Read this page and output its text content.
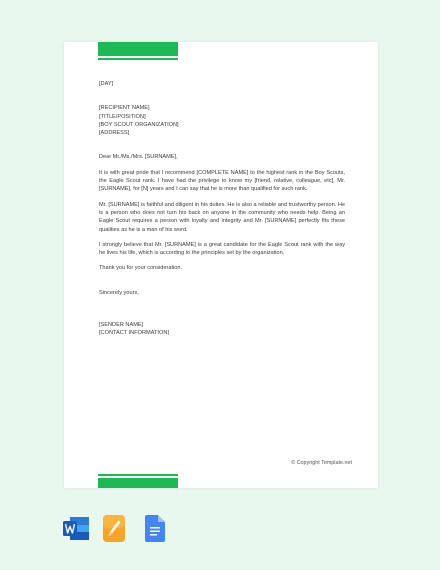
[DAY]

[RECIPIENT NAME]

[TITLE/POSITION]

[BOY SCOUT ORGANIZATION]

[ADDRESS]

Dear Mr./Ms./Mrs. [SURNAME],

It is with great pride that I recommend [COMPLETE NAME] to the highest rank in the Boy Scouts, the Eagle Scout rank. I have had the privilege to know my [friend, relative, colleague, etc], Mr. [SURNAME], for [N] years and I can say that he is more than qualified for such rank.

Mr. [SURNAME] is faithful and diligent in his duties. He is also a reliable and trustworthy person. He is a person who does not turn his back on anyone in the community who needs help. Being an Eagle Scout requires a person with loyalty and integrity and Mr. [SURNAME] perfectly fits these qualities as he is a man of his word.

I strongly believe that Mr. [SURNAME] is a great candidate for the Eagle Scout rank with the way he lives his life, which is according to the principles set by the organization.

Thank you for your consideration.

Sincerely yours,

[SENDER NAME]

[CONTACT INFORMATION]

© Copyright Template.net
